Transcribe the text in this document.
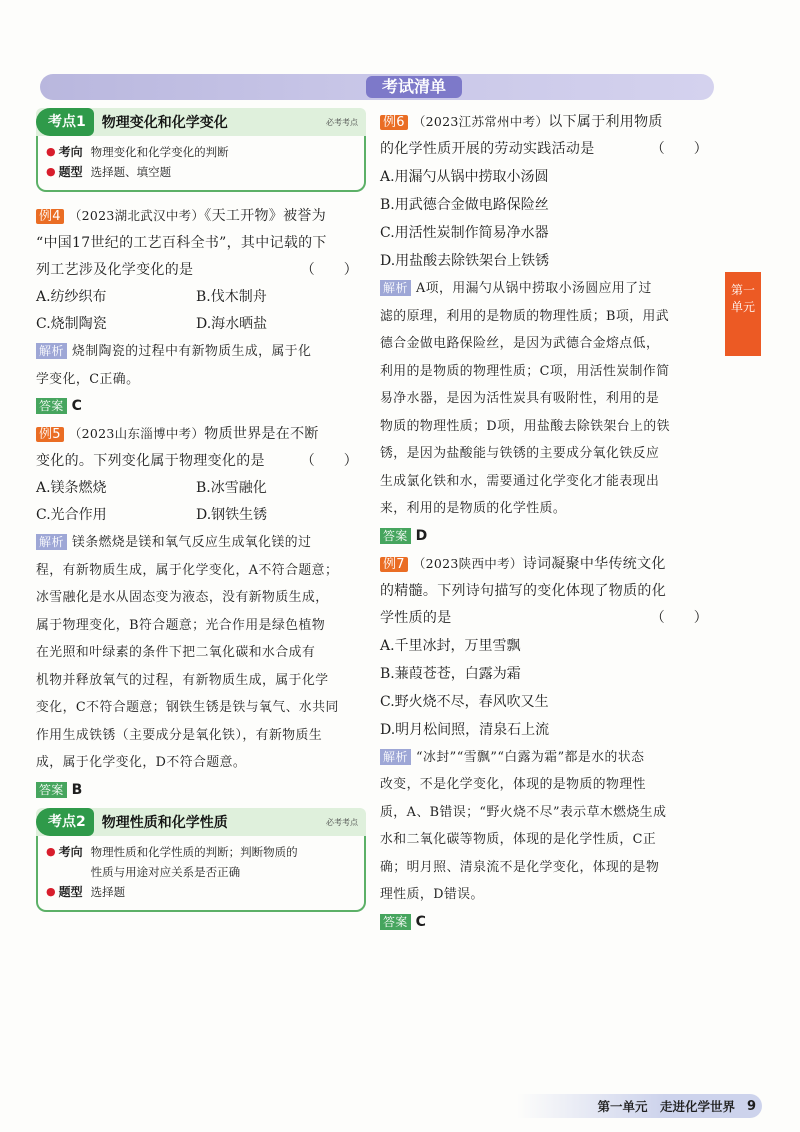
考试清单
第一
单元
考点1	物理变化和化学变化	必考考点
● 考向 物理变化和化学变化的判断
● 题型 选择题、填空题
例4 （2023湖北武汉中考）《天工开物》被誉为
“中国17世纪的工艺百科全书”，其中记载的下
列工艺涉及化学变化的是	（　　）
A.纺纱织布	B.伐木制舟
C.烧制陶瓷	D.海水晒盐
解析 烧制陶瓷的过程中有新物质生成，属于化
学变化，C正确。
答案 C
例5 （2023山东淄博中考）物质世界是在不断
变化的。下列变化属于物理变化的是	（　　）
A.镁条燃烧	B.冰雪融化
C.光合作用	D.钢铁生锈
解析 镁条燃烧是镁和氧气反应生成氧化镁的过
程，有新物质生成，属于化学变化，A不符合题意；
冰雪融化是水从固态变为液态，没有新物质生成，
属于物理变化，B符合题意；光合作用是绿色植物
在光照和叶绿素的条件下把二氧化碳和水合成有
机物并释放氧气的过程，有新物质生成，属于化学
变化，C不符合题意；钢铁生锈是铁与氧气、水共同
作用生成铁锈（主要成分是氧化铁），有新物质生
成，属于化学变化，D不符合题意。
答案 B
考点2	物理性质和化学性质	必考考点
● 考向 物理性质和化学性质的判断；判断物质的
性质与用途对应关系是否正确
● 题型 选择题
例6 （2023江苏常州中考）以下属于利用物质
的化学性质开展的劳动实践活动是	（　　）
A.用漏勺从锅中捞取小汤圆
B.用武德合金做电路保险丝
C.用活性炭制作简易净水器
D.用盐酸去除铁架台上铁锈
解析 A项，用漏勺从锅中捞取小汤圆应用了过
滤的原理，利用的是物质的物理性质；B项，用武
德合金做电路保险丝，是因为武德合金熔点低，
利用的是物质的物理性质；C项，用活性炭制作简
易净水器，是因为活性炭具有吸附性，利用的是
物质的物理性质；D项，用盐酸去除铁架台上的铁
锈，是因为盐酸能与铁锈的主要成分氧化铁反应
生成氯化铁和水，需要通过化学变化才能表现出
来，利用的是物质的化学性质。
答案 D
例7 （2023陕西中考）诗词凝聚中华传统文化
的精髓。下列诗句描写的变化体现了物质的化
学性质的是	（　　）
A.千里冰封，万里雪飘
B.蒹葭苍苍，白露为霜
C.野火烧不尽，春风吹又生
D.明月松间照，清泉石上流
解析 “冰封”“雪飘”“白露为霜”都是水的状态
改变，不是化学变化，体现的是物质的物理性
质，A、B错误；“野火烧不尽”表示草木燃烧生成
水和二氧化碳等物质，体现的是化学性质，C正
确；明月照、清泉流不是化学变化，体现的是物
理性质，D错误。
答案 C
第一单元　走进化学世界 9
